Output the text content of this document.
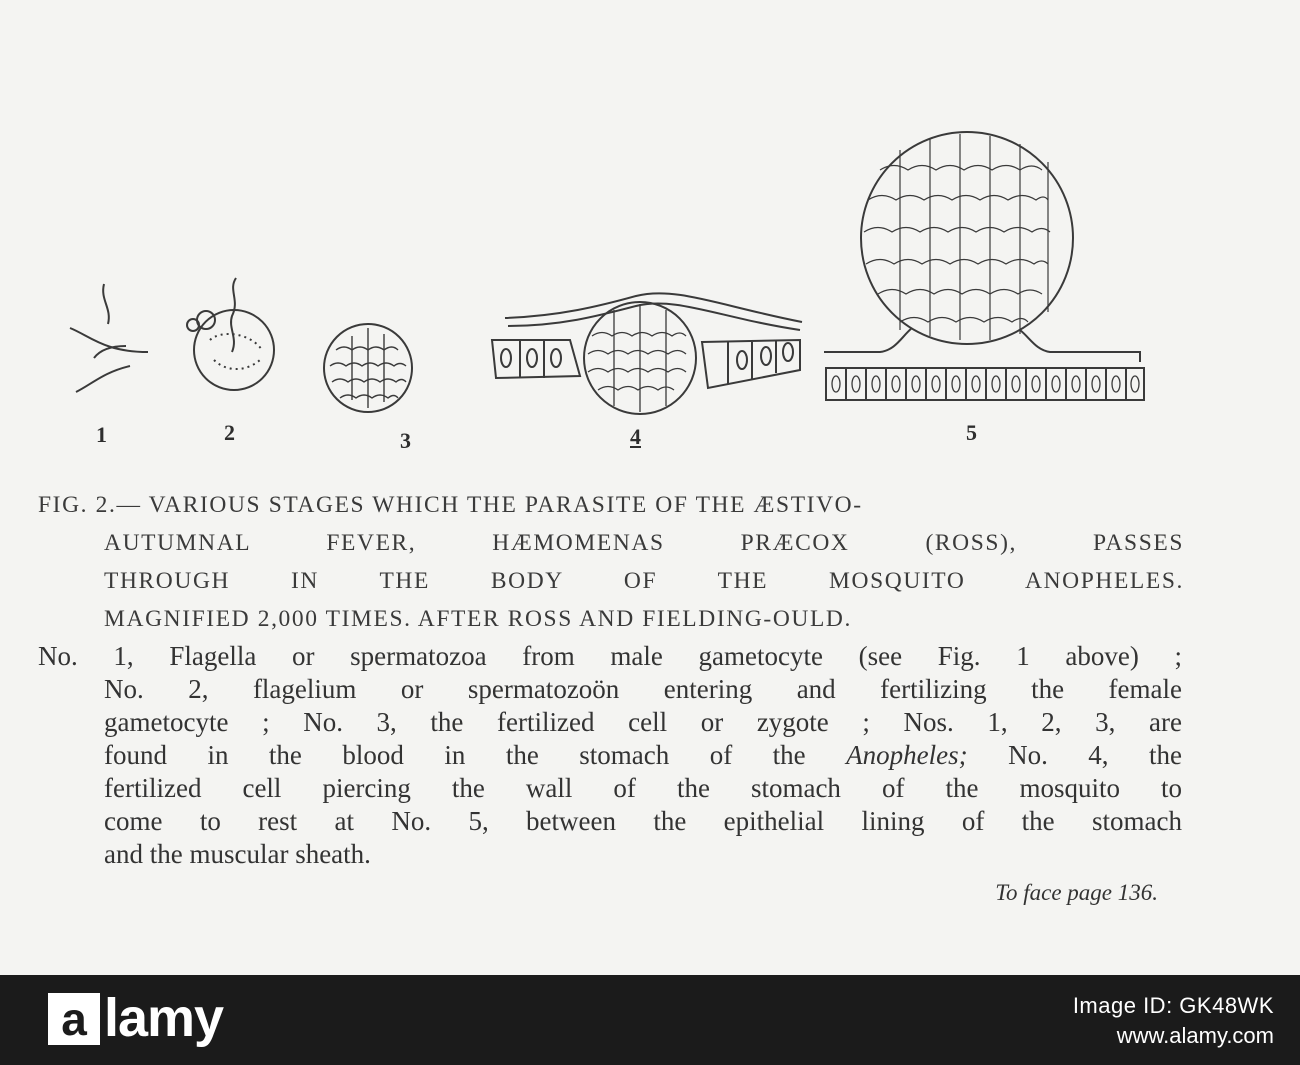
1	2	3	4	5
FIG. 2.— VARIOUS STAGES WHICH THE PARASITE OF THE ÆSTIVO-
AUTUMNAL FEVER, HÆMOMENAS PRÆCOX (ROSS), PASSES
THROUGH IN THE BODY OF THE MOSQUITO ANOPHELES.
MAGNIFIED 2,000 TIMES. AFTER ROSS AND FIELDING-OULD.
No. 1, Flagella or spermatozoa from male gametocyte (see Fig. 1 above) ;
No. 2, flagelium or spermatozoön entering and fertilizing the female
gametocyte ; No. 3, the fertilized cell or zygote ; Nos. 1, 2, 3, are
found in the blood in the stomach of the Anopheles; No. 4, the
fertilized cell piercing the wall of the stomach of the mosquito to
come to rest at No. 5, between the epithelial lining of the stomach
and the muscular sheath.
To face page 136.
a lamy	Image ID: GK48WK
www.alamy.com
